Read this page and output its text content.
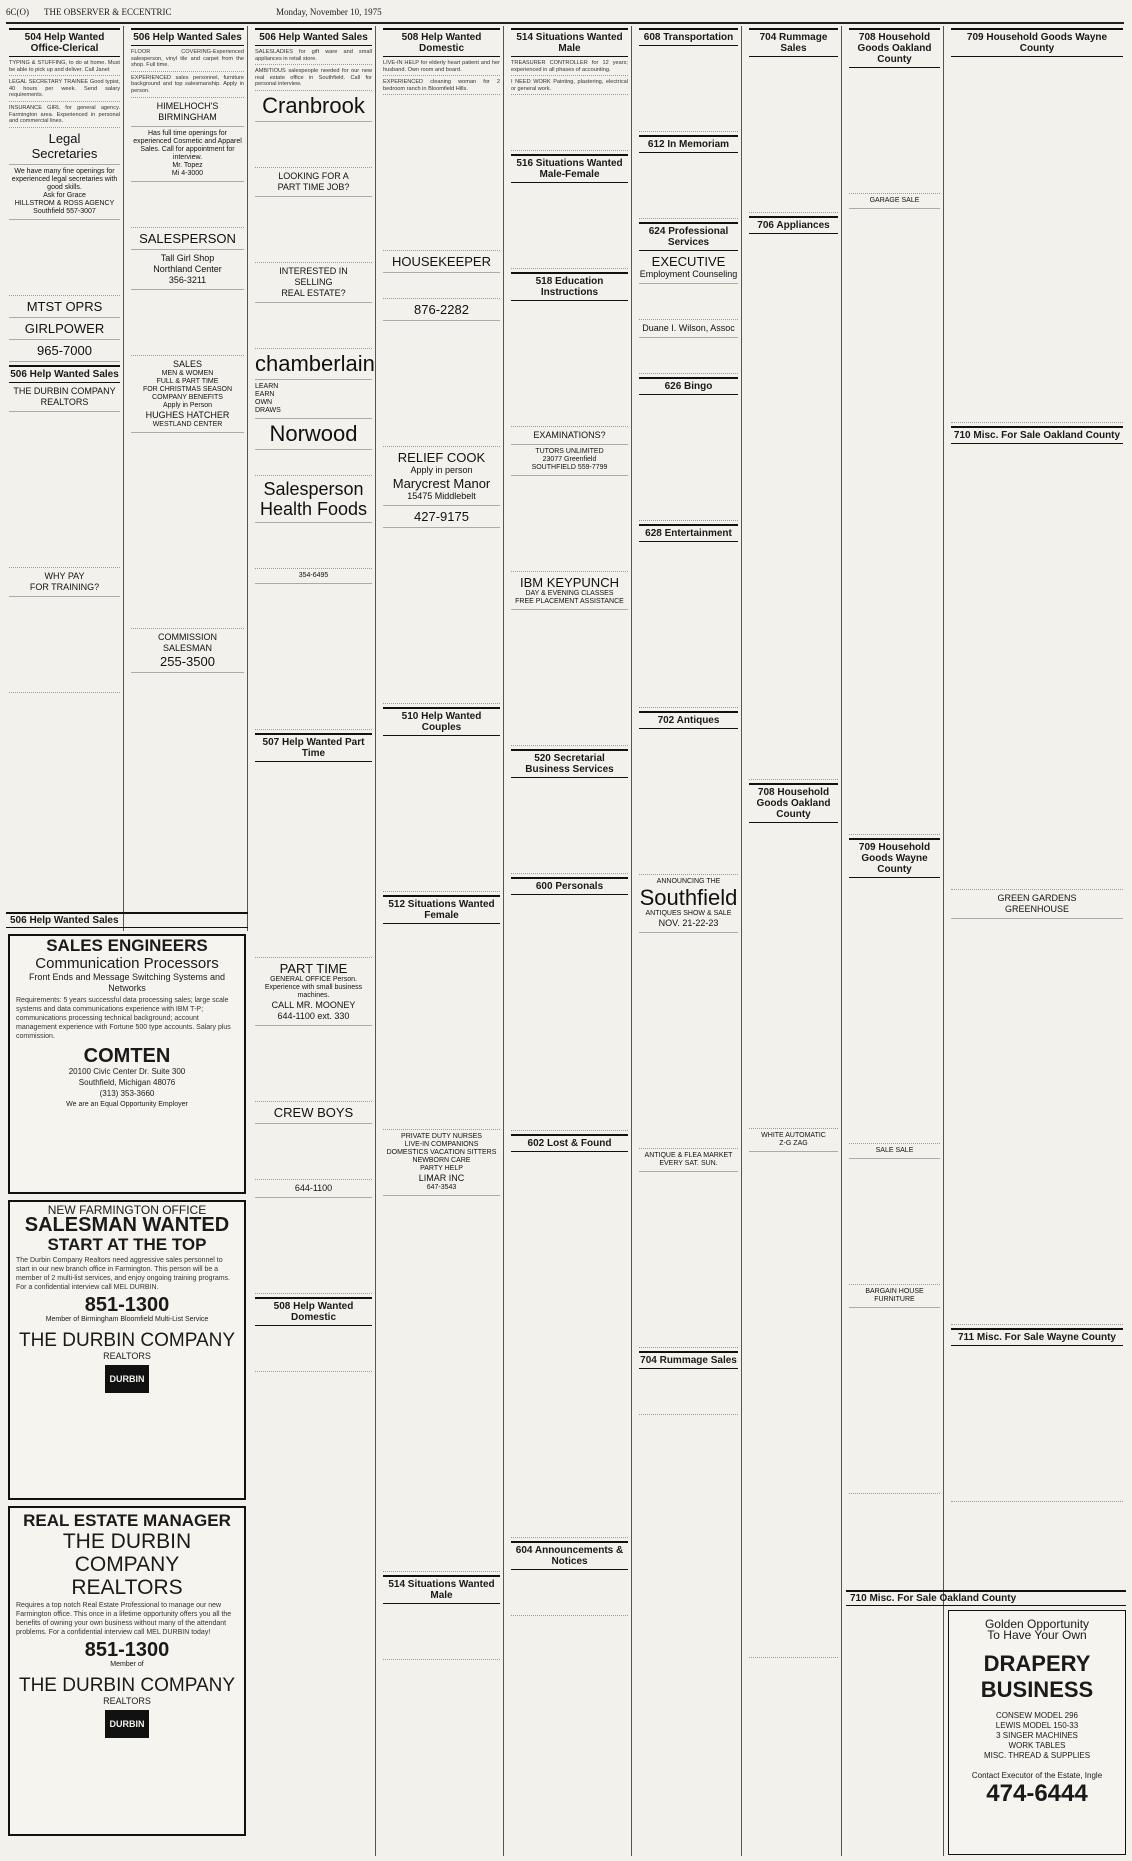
6C(O) THE OBSERVER & ECCENTRIC	Monday, November 10, 1975
504 Help Wanted Office-Clerical
TYPING & STUFFING, to do at home. Must be able to pick up and deliver. Call Janet
LEGAL SECRETARY TRAINEE Good typist, 40 hours per week. Send salary requirements.
INSURANCE GIRL for general agency. Farmington area. Experienced in personal and commercial lines.
Legal
Secretaries
We have many fine openings for experienced legal secretaries with good skills.
Ask for Grace
HILLSTROM & ROSS AGENCY
Southfield 557-3007
MTST OPRS
GIRLPOWER
965-7000
506 Help Wanted Sales
THE DURBIN COMPANY
REALTORS
WHY PAY
FOR TRAINING?
506 Help Wanted Sales
FLOOR COVERING-Experienced salesperson, vinyl tile and carpet from the shop. Full time.
EXPERIENCED sales personnel, furniture background and top salesmanship. Apply in person.
HIMELHOCH'S
BIRMINGHAM
Has full time openings for experienced Cosmetic and Apparel Sales. Call for appointment for interview.
Mr. Topez
Mi 4-3000
SALESPERSON
Tall Girl Shop
Northland Center
356-3211
SALES
MEN & WOMEN
FULL & PART TIME
FOR CHRISTMAS SEASON
COMPANY BENEFITS
Apply in Person
HUGHES HATCHER
WESTLAND CENTER
COMMISSION
SALESMAN
255-3500
506 Help Wanted Sales
SALES ENGINEERS
Communication Processors
Front Ends and Message Switching Systems and Networks
Requirements: 5 years successful data processing sales; large scale systems and data communications experience with IBM T-P; communications processing technical background; account management experience with Fortune 500 type accounts. Salary plus commission.
COMTEN
20100 Civic Center Dr. Suite 300
Southfield, Michigan 48076
(313) 353-3660
We are an Equal Opportunity Employer
NEW FARMINGTON OFFICE
SALESMAN WANTED
START AT THE TOP
The Durbin Company Realtors need aggressive sales personnel to start in our new branch office in Farmington. This person will be a member of 2 multi-list services, and enjoy ongoing training programs. For a confidential interview call MEL DURBIN.
851-1300
Member of Birmingham Bloomfield Multi-List Service
THE DURBIN COMPANY
REALTORS
DURBIN
REAL ESTATE MANAGER
THE DURBIN COMPANY
REALTORS
Requires a top notch Real Estate Professional to manage our new Farmington office. This once in a lifetime opportunity offers you all the benefits of owning your own business without many of the attendant problems. For a confidential interview call MEL DURBIN today!
851-1300
Member of
THE DURBIN COMPANY
REALTORS
DURBIN
506 Help Wanted Sales
SALESLADIES for gift ware and small appliances in retail store.
AMBITIOUS salespeople needed for our new real estate office in Southfield. Call for personal interview.
Cranbrook
LOOKING FOR A
PART TIME JOB?
INTERESTED IN
SELLING
REAL ESTATE?
chamberlain
LEARN
EARN
OWN
DRAWS
Norwood
Salesperson
Health Foods
354-6495
507 Help Wanted Part Time
PART TIME
GENERAL OFFICE Person. Experience with small business machines.
CALL MR. MOONEY
644-1100 ext. 330
CREW BOYS
644-1100
508 Help Wanted Domestic
508 Help Wanted Domestic
LIVE-IN HELP for elderly heart patient and her husband. Own room and board.
EXPERIENCED cleaning woman for 2 bedroom ranch in Bloomfield Hills.
HOUSEKEEPER
876-2282
RELIEF COOK
Apply in person
Marycrest Manor
15475 Middlebelt
427-9175
510 Help Wanted Couples
512 Situations Wanted Female
PRIVATE DUTY NURSES
LIVE-IN COMPANIONS
DOMESTICS VACATION SITTERS
NEWBORN CARE
PARTY HELP
LIMAR INC
647-3543
514 Situations Wanted Male
514 Situations Wanted Male
TREASURER CONTROLLER for 12 years; experienced in all phases of accounting.
I NEED WORK Painting, plastering, electrical or general work.
516 Situations Wanted Male-Female
518 Education Instructions
EXAMINATIONS?
TUTORS UNLIMITED
23077 Greenfield
SOUTHFIELD 559-7799
IBM KEYPUNCH
DAY & EVENING CLASSES
FREE PLACEMENT ASSISTANCE
520 Secretarial Business Services
600 Personals
602 Lost & Found
604 Announcements & Notices
608 Transportation
612 In Memoriam
624 Professional Services
EXECUTIVE
Employment Counseling
Duane I. Wilson, Assoc
626 Bingo
628 Entertainment
702 Antiques
ANNOUNCING THE
Southfield
ANTIQUES SHOW & SALE
NOV. 21-22-23
ANTIQUE & FLEA MARKET
EVERY SAT. SUN.
704 Rummage Sales
704 Rummage Sales
706 Appliances
708 Household Goods Oakland County
WHITE AUTOMATIC
Z-G ZAG
708 Household Goods Oakland County
GARAGE SALE
709 Household Goods Wayne County
SALE SALE
BARGAIN HOUSE FURNITURE
709 Household Goods Wayne County
710 Misc. For Sale Oakland County
GREEN GARDENS
GREENHOUSE
711 Misc. For Sale Wayne County
710 Misc. For Sale Oakland County
Golden Opportunity
To Have Your Own
DRAPERY
BUSINESS
CONSEW MODEL 296
LEWIS MODEL 150-33
3 SINGER MACHINES
WORK TABLES
MISC. THREAD & SUPPLIES
Contact Executor of the Estate, Ingle
474-6444
